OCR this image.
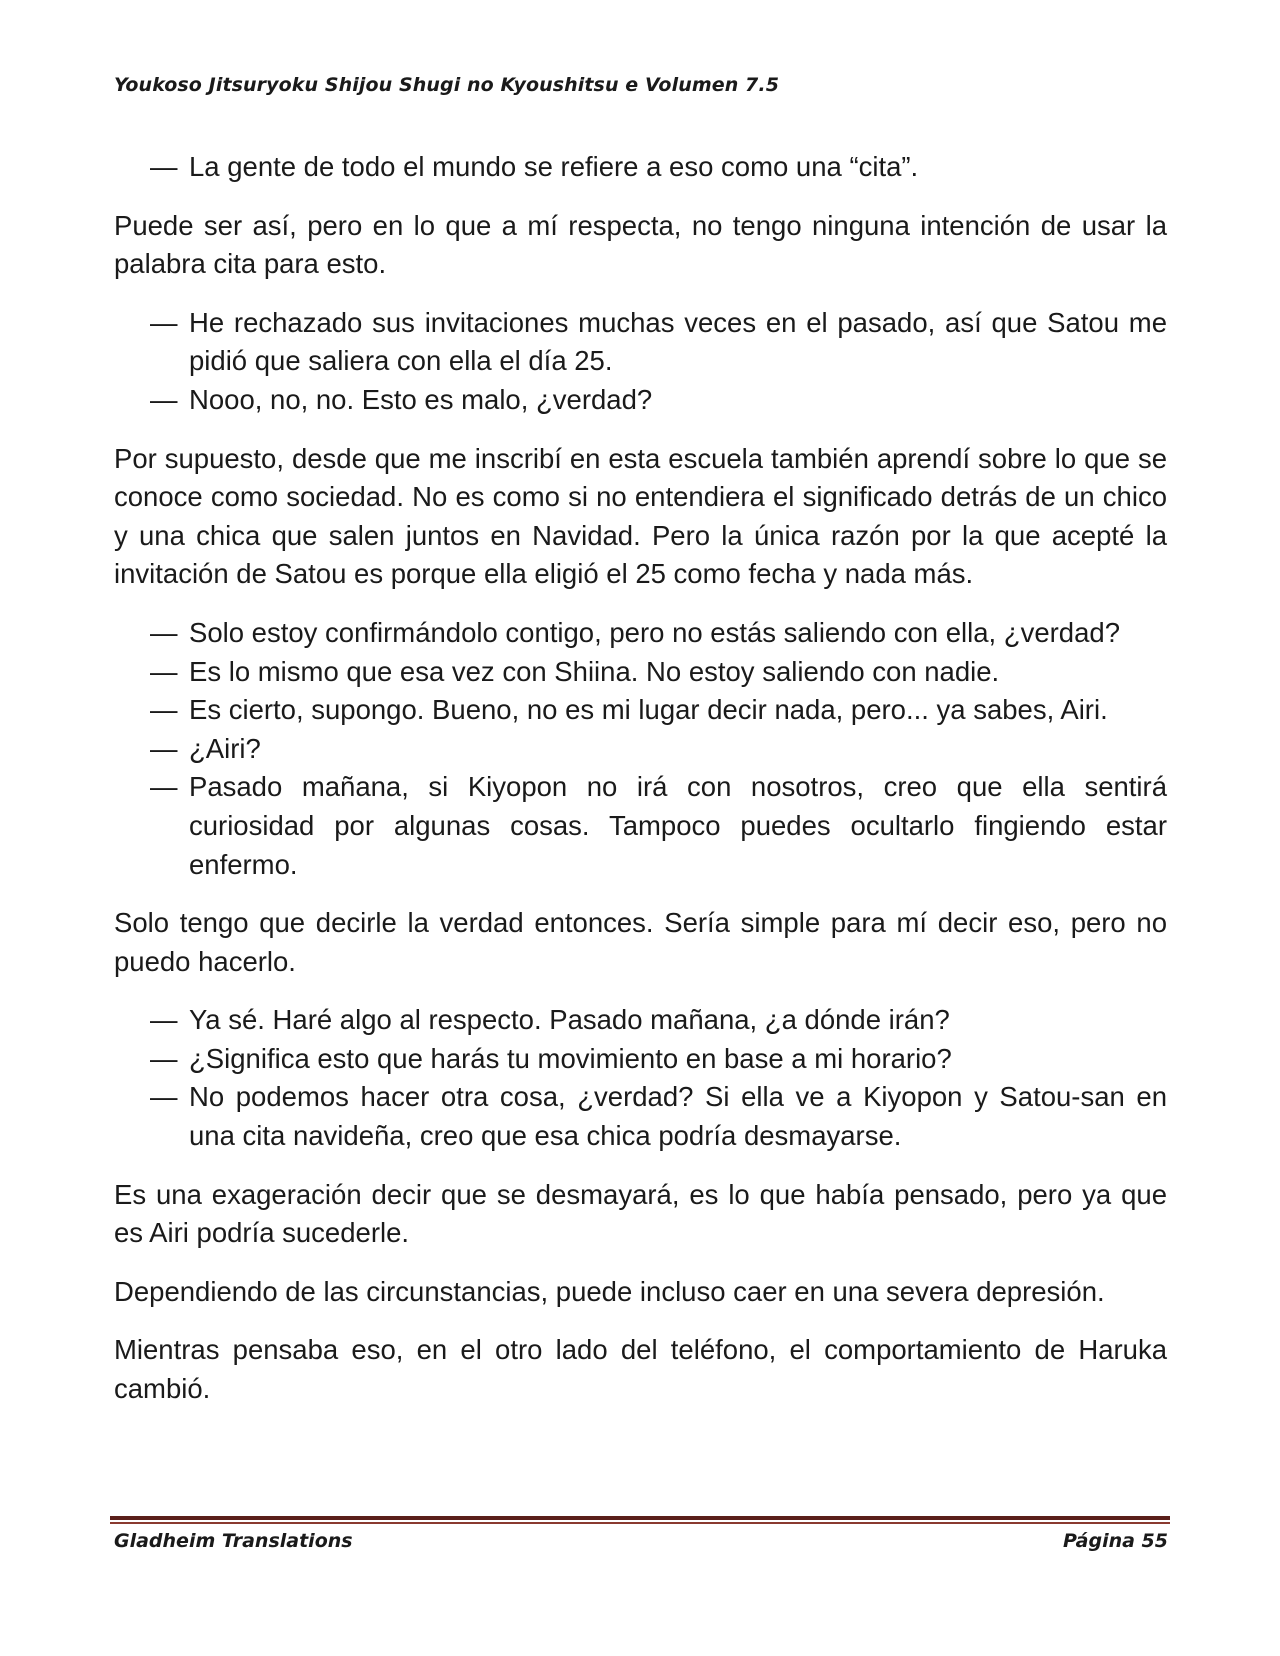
Youkoso Jitsuryoku Shijou Shugi no Kyoushitsu e Volumen 7.5
— La gente de todo el mundo se refiere a eso como una “cita”.

Puede ser así, pero en lo que a mí respecta, no tengo ninguna intención de usar la palabra cita para esto.

— He rechazado sus invitaciones muchas veces en el pasado, así que Satou me pidió que saliera con ella el día 25.
— Nooo, no, no. Esto es malo, ¿verdad?

Por supuesto, desde que me inscribí en esta escuela también aprendí sobre lo que se conoce como sociedad. No es como si no entendiera el significado detrás de un chico y una chica que salen juntos en Navidad. Pero la única razón por la que acepté la invitación de Satou es porque ella eligió el 25 como fecha y nada más.

— Solo estoy confirmándolo contigo, pero no estás saliendo con ella, ¿verdad?
— Es lo mismo que esa vez con Shiina. No estoy saliendo con nadie.
— Es cierto, supongo. Bueno, no es mi lugar decir nada, pero... ya sabes, Airi.
— ¿Airi?
— Pasado mañana, si Kiyopon no irá con nosotros, creo que ella sentirá curiosidad por algunas cosas. Tampoco puedes ocultarlo fingiendo estar enfermo.

Solo tengo que decirle la verdad entonces. Sería simple para mí decir eso, pero no puedo hacerlo.

— Ya sé. Haré algo al respecto. Pasado mañana, ¿a dónde irán?
— ¿Significa esto que harás tu movimiento en base a mi horario?
— No podemos hacer otra cosa, ¿verdad? Si ella ve a Kiyopon y Satou-san en una cita navideña, creo que esa chica podría desmayarse.

Es una exageración decir que se desmayará, es lo que había pensado, pero ya que es Airi podría sucederle.

Dependiendo de las circunstancias, puede incluso caer en una severa depresión.

Mientras pensaba eso, en el otro lado del teléfono, el comportamiento de Haruka cambió.

Gladheim Translations	Página 55
